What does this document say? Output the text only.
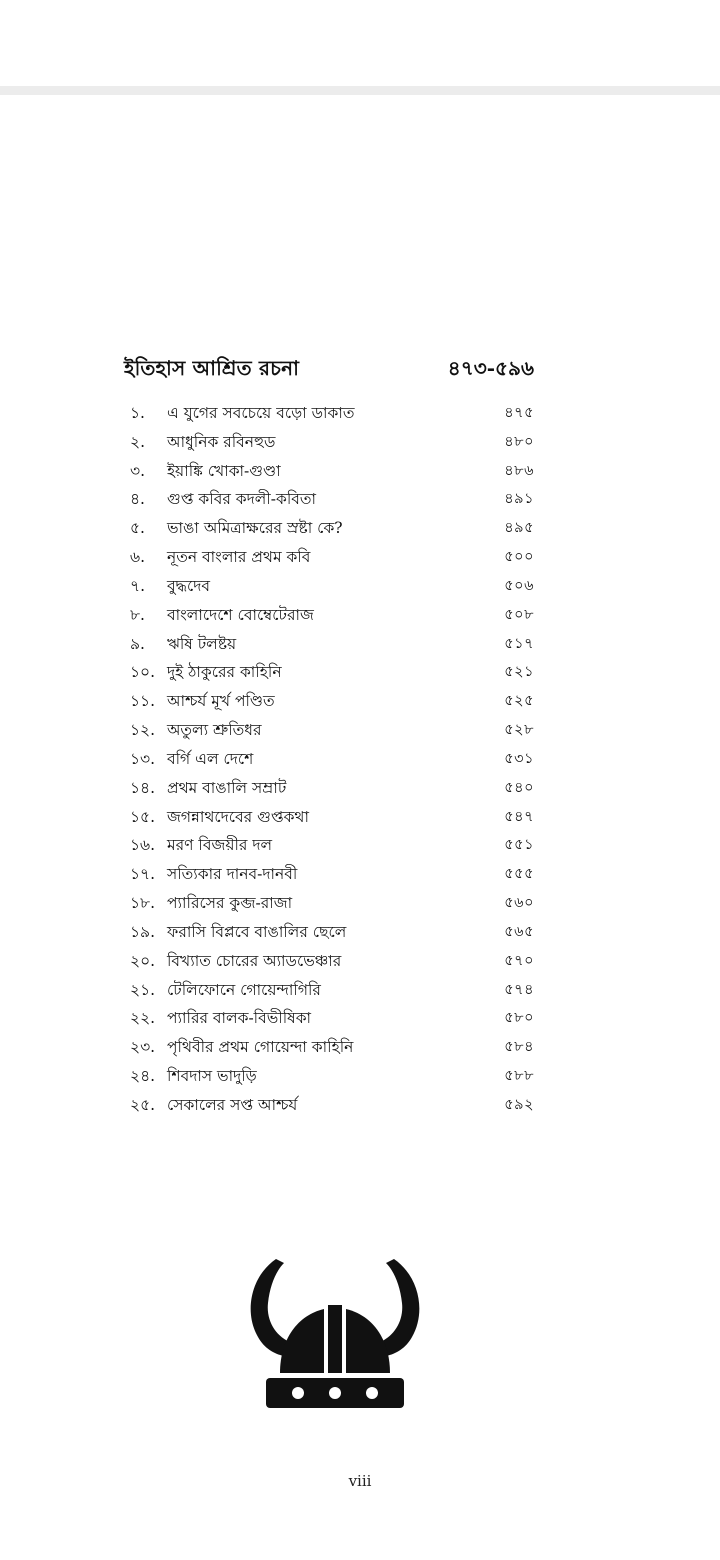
ইতিহাস আশ্রিত রচনা	৪৭৩-৫৯৬
১.	এ যুগের সবচেয়ে বড়ো ডাকাত	৪৭৫
২.	আধুনিক রবিনহুড	৪৮০
৩.	ইয়াঙ্কি খোকা-গুণ্ডা	৪৮৬
৪.	গুপ্ত কবির কদলী-কবিতা	৪৯১
৫.	ভাঙা অমিত্রাক্ষরের স্রষ্টা কে?	৪৯৫
৬.	নূতন বাংলার প্রথম কবি	৫০০
৭.	বুদ্ধদেব	৫০৬
৮.	বাংলাদেশে বোম্বেটেরাজ	৫০৮
৯.	ঋষি টলষ্টয়	৫১৭
১০. দুই ঠাকুরের কাহিনি	৫২১
১১. আশ্চর্য মূর্খ পণ্ডিত	৫২৫
১২. অতুল্য শ্রুতিধর	৫২৮
১৩. বর্গি এল দেশে	৫৩১
১৪. প্রথম বাঙালি সম্রাট	৫৪০
১৫. জগন্নাথদেবের গুপ্তকথা	৫৪৭
১৬. মরণ বিজয়ীর দল	৫৫১
১৭. সত্যিকার দানব-দানবী	৫৫৫
১৮. প্যারিসের কুব্জ-রাজা	৫৬০
১৯. ফরাসি বিপ্লবে বাঙালির ছেলে	৫৬৫
২০. বিখ্যাত চোরের অ্যাডভেঞ্চার	৫৭০
২১. টেলিফোনে গোয়েন্দাগিরি	৫৭৪
২২. প্যারির বালক-বিভীষিকা	৫৮০
২৩. পৃথিবীর প্রথম গোয়েন্দা কাহিনি	৫৮৪
২৪. শিবদাস ভাদুড়ি	৫৮৮
২৫. সেকালের সপ্ত আশ্চর্য	৫৯২
viii
